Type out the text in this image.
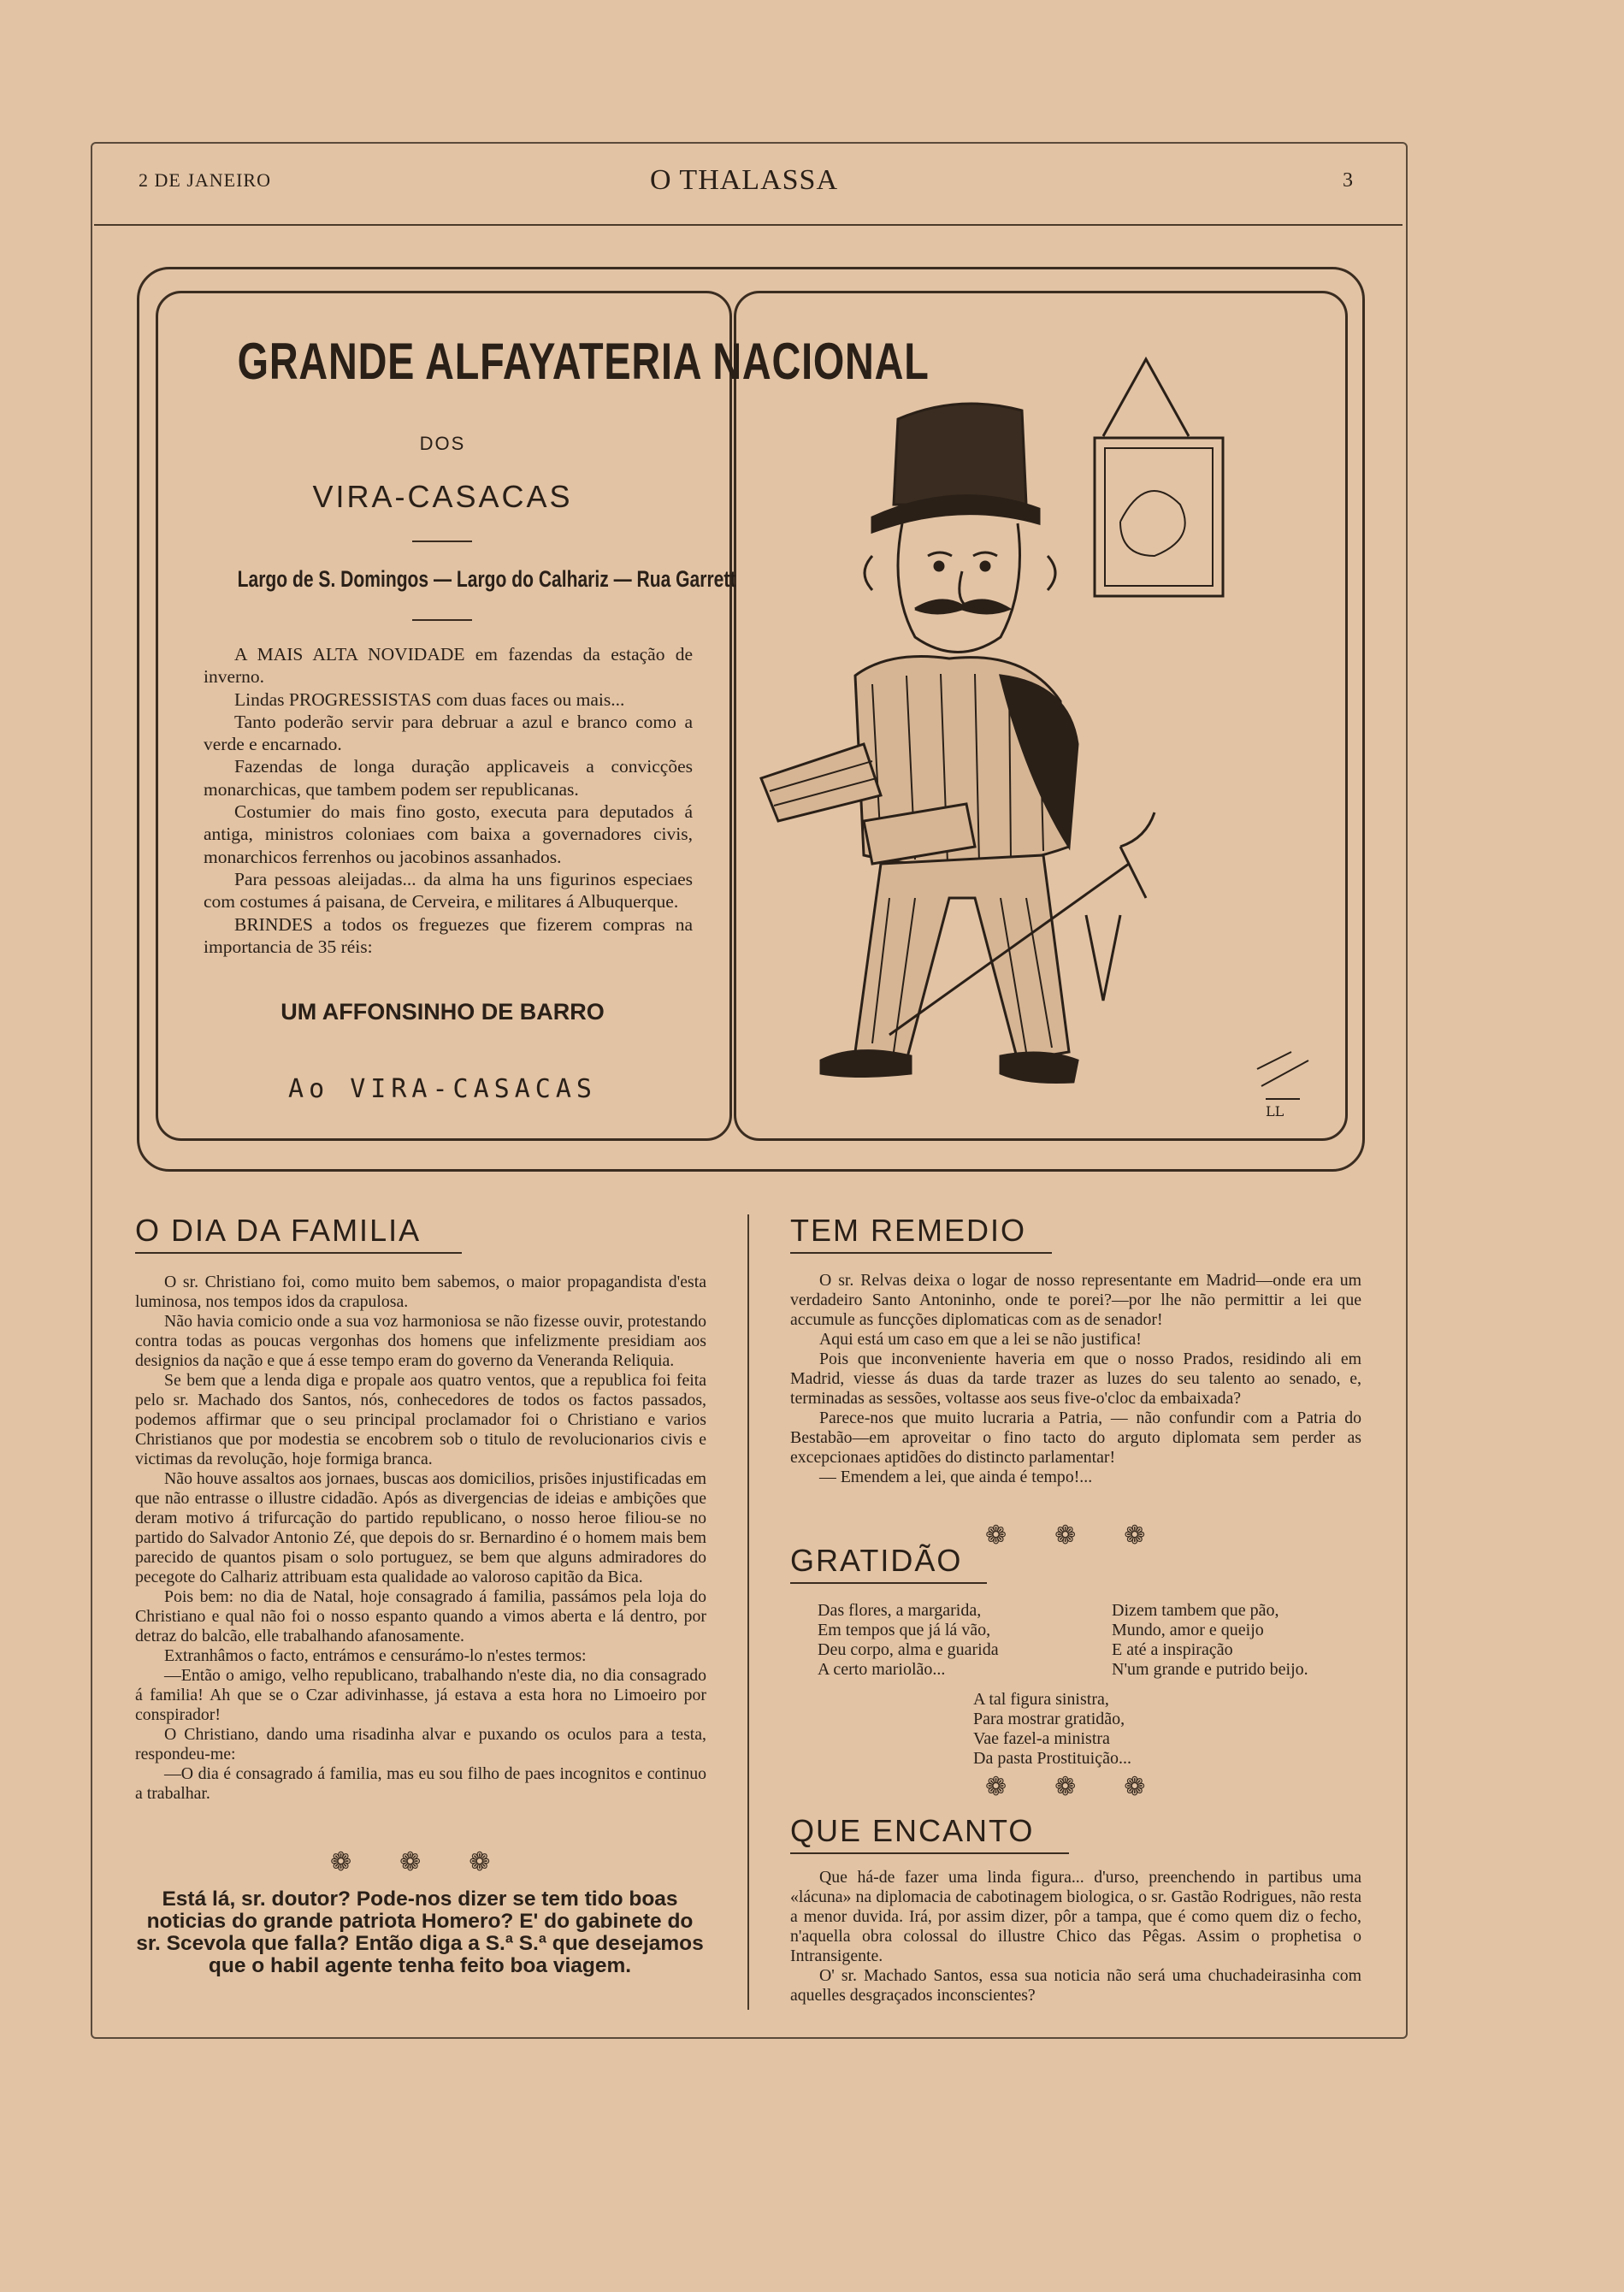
2 DE JANEIRO	O THALASSA	3
GRANDE ALFAYATERIA NACIONAL
DOS
VIRA-CASACAS
Largo de S. Domingos — Largo do Calhariz — Rua Garrett

A MAIS ALTA NOVIDADE em fazendas da estação de inverno.

Lindas PROGRESSISTAS com duas faces ou mais...

Tanto poderão servir para debruar a azul e branco como a verde e encarnado.

Fazendas de longa duração applicaveis a convicções monarchicas, que tambem podem ser republicanas.

Costumier do mais fino gosto, executa para deputados á antiga, ministros coloniaes com baixa a governadores civis, monarchicos ferrenhos ou jacobinos assanhados.

Para pessoas aleijadas... da alma ha uns figurinos especiaes com costumes á paisana, de Cerveira, e militares á Albuquerque.

BRINDES a todos os freguezes que fizerem compras na importancia de 35 réis:

UM AFFONSINHO DE BARRO
Ao VIRA-CASACAS
LL
O DIA DA FAMILIA

O sr. Christiano foi, como muito bem sabemos, o maior propagandista d'esta luminosa, nos tempos idos da crapulosa.

Não havia comicio onde a sua voz harmoniosa se não fizesse ouvir, protestando contra todas as poucas vergonhas dos homens que infelizmente presidiam aos designios da nação e que á esse tempo eram do governo da Veneranda Reliquia.

Se bem que a lenda diga e propale aos quatro ventos, que a republica foi feita pelo sr. Machado dos Santos, nós, conhecedores de todos os factos passados, podemos affirmar que o seu principal proclamador foi o Christiano e varios Christianos que por modestia se encobrem sob o titulo de revolucionarios civis e victimas da revolução, hoje formiga branca.

Não houve assaltos aos jornaes, buscas aos domicilios, prisões injustificadas em que não entrasse o illustre cidadão. Após as divergencias de ideias e ambições que deram motivo á trifurcação do partido republicano, o nosso heroe filiou-se no partido do Salvador Antonio Zé, que depois do sr. Bernardino é o homem mais bem parecido de quantos pisam o solo portuguez, se bem que alguns admiradores do pecegote do Calhariz attribuam esta qualidade ao valoroso capitão da Bica.

Pois bem: no dia de Natal, hoje consagrado á familia, passámos pela loja do Christiano e qual não foi o nosso espanto quando a vimos aberta e lá dentro, por detraz do balcão, elle trabalhando afanosamente.

Extranhâmos o facto, entrámos e censurámo-lo n'estes termos:

—Então o amigo, velho republicano, trabalhando n'este dia, no dia consagrado á familia! Ah que se o Czar adivinhasse, já estava a esta hora no Limoeiro por conspirador!

O Christiano, dando uma risadinha alvar e puxando os oculos para a testa, respondeu-me:

—O dia é consagrado á familia, mas eu sou filho de paes incognitos e continuo a trabalhar.

❁❁❁
Está lá, sr. doutor? Pode-nos dizer se tem tido boas noticias do grande patriota Homero? E' do gabinete do sr. Scevola que falla? Então diga a S.ª S.ª que desejamos que o habil agente tenha feito boa viagem.
TEM REMEDIO

O sr. Relvas deixa o logar de nosso representante em Madrid—onde era um verdadeiro Santo Antoninho, onde te porei?—por lhe não permittir a lei que accumule as funcções diplomaticas com as de senador!

Aqui está um caso em que a lei se não justifica!

Pois que inconveniente haveria em que o nosso Prados, residindo ali em Madrid, viesse ás duas da tarde trazer as luzes do seu talento ao senado, e, terminadas as sessões, voltasse aos seus five-o'cloc da embaixada?

Parece-nos que muito lucraria a Patria, — não confundir com a Patria do Bestabão—em aproveitar o fino tacto do arguto diplomata sem perder as excepcionaes aptidões do distincto parlamentar!

— Emendem a lei, que ainda é tempo!...

❁❁❁
GRATIDÃO
Das flores, a margarida,
Em tempos que já lá vão,
Deu corpo, alma e guarida
A certo mariolão...
Dizem tambem que pão,
Mundo, amor e queijo
E até a inspiração
N'um grande e putrido beijo.
A tal figura sinistra,
Para mostrar gratidão,
Vae fazel-a ministra
Da pasta Prostituição...
❁❁❁
QUE ENCANTO

Que há-de fazer uma linda figura... d'urso, preenchendo in partibus uma «lácuna» na diplomacia de cabotinagem biologica, o sr. Gastão Rodrigues, não resta a menor duvida. Irá, por assim dizer, pôr a tampa, que é como quem diz o fecho, n'aquella obra colossal do illustre Chico das Pêgas. Assim o prophetisa o Intransigente.

O' sr. Machado Santos, essa sua noticia não será uma chuchadeirasinha com aquelles desgraçados inconscientes?
